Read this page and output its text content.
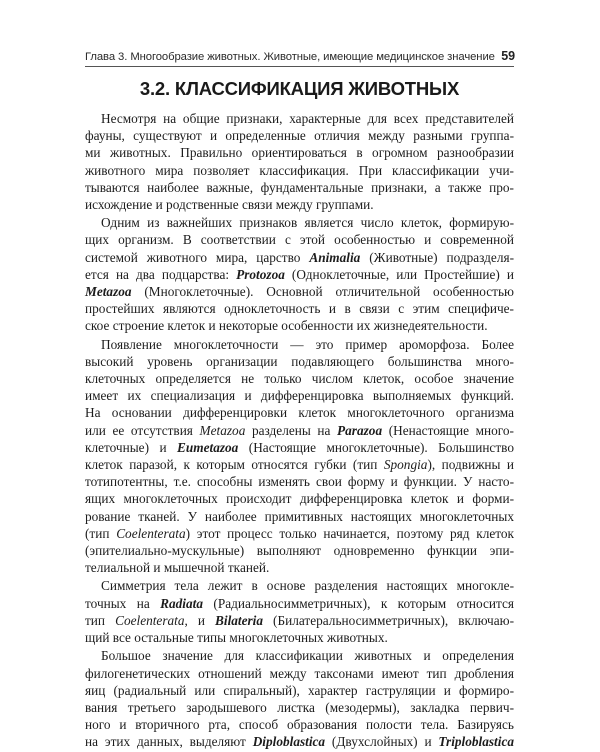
Глава 3. Многообразие животных. Животные, имеющие медицинское значение 59
3.2. КЛАССИФИКАЦИЯ ЖИВОТНЫХ

Несмотря на общие признаки, характерные для всех представителей

фауны, существуют и определенные отличия между разными группа-

ми животных. Правильно ориентироваться в огромном разнообразии

животного мира позволяет классификация. При классификации учи-

тываются наиболее важные, фундаментальные признаки, а также про-

исхождение и родственные связи между группами.

Одним из важнейших признаков является число клеток, формирую-

щих организм. В соответствии с этой особенностью и современной

системой животного мира, царство Animalia (Животные) подразделя-

ется на два подцарства: Protozoa (Одноклеточные, или Простейшие) и

Metazoa (Многоклеточные). Основной отличительной особенностью

простейших являются одноклеточность и в связи с этим специфиче-

ское строение клеток и некоторые особенности их жизнедеятельности.

Появление многоклеточности — это пример ароморфоза. Более

высокий уровень организации подавляющего большинства много-

клеточных определяется не только числом клеток, особое значение

имеет их специализация и дифференцировка выполняемых функций.

На основании дифференцировки клеток многоклеточного организма

или ее отсутствия Metazoa разделены на Parazoa (Ненастоящие много-

клеточные) и Eumetazoa (Настоящие многоклеточные). Большинство

клеток паразой, к которым относятся губки (тип Spongia), подвижны и

тотипотентны, т.е. способны изменять свои форму и функции. У насто-

ящих многоклеточных происходит дифференцировка клеток и форми-

рование тканей. У наиболее примитивных настоящих многоклеточных

(тип Coelenterata) этот процесс только начинается, поэтому ряд клеток

(эпителиально-мускульные) выполняют одновременно функции эпи-

телиальной и мышечной тканей.

Симметрия тела лежит в основе разделения настоящих многокле-

точных на Radiata (Радиальносимметричных), к которым относится

тип Coelenterata, и Bilateria (Билатеральносимметричных), включаю-

щий все остальные типы многоклеточных животных.

Большое значение для классификации животных и определения

филогенетических отношений между таксонами имеют тип дробления

яиц (радиальный или спиральный), характер гаструляции и формиро-

вания третьего зародышевого листка (мезодермы), закладка первич-

ного и вторичного рта, способ образования полости тела. Базируясь

на этих данных, выделяют Diploblastica (Двухслойных) и Triploblastica
